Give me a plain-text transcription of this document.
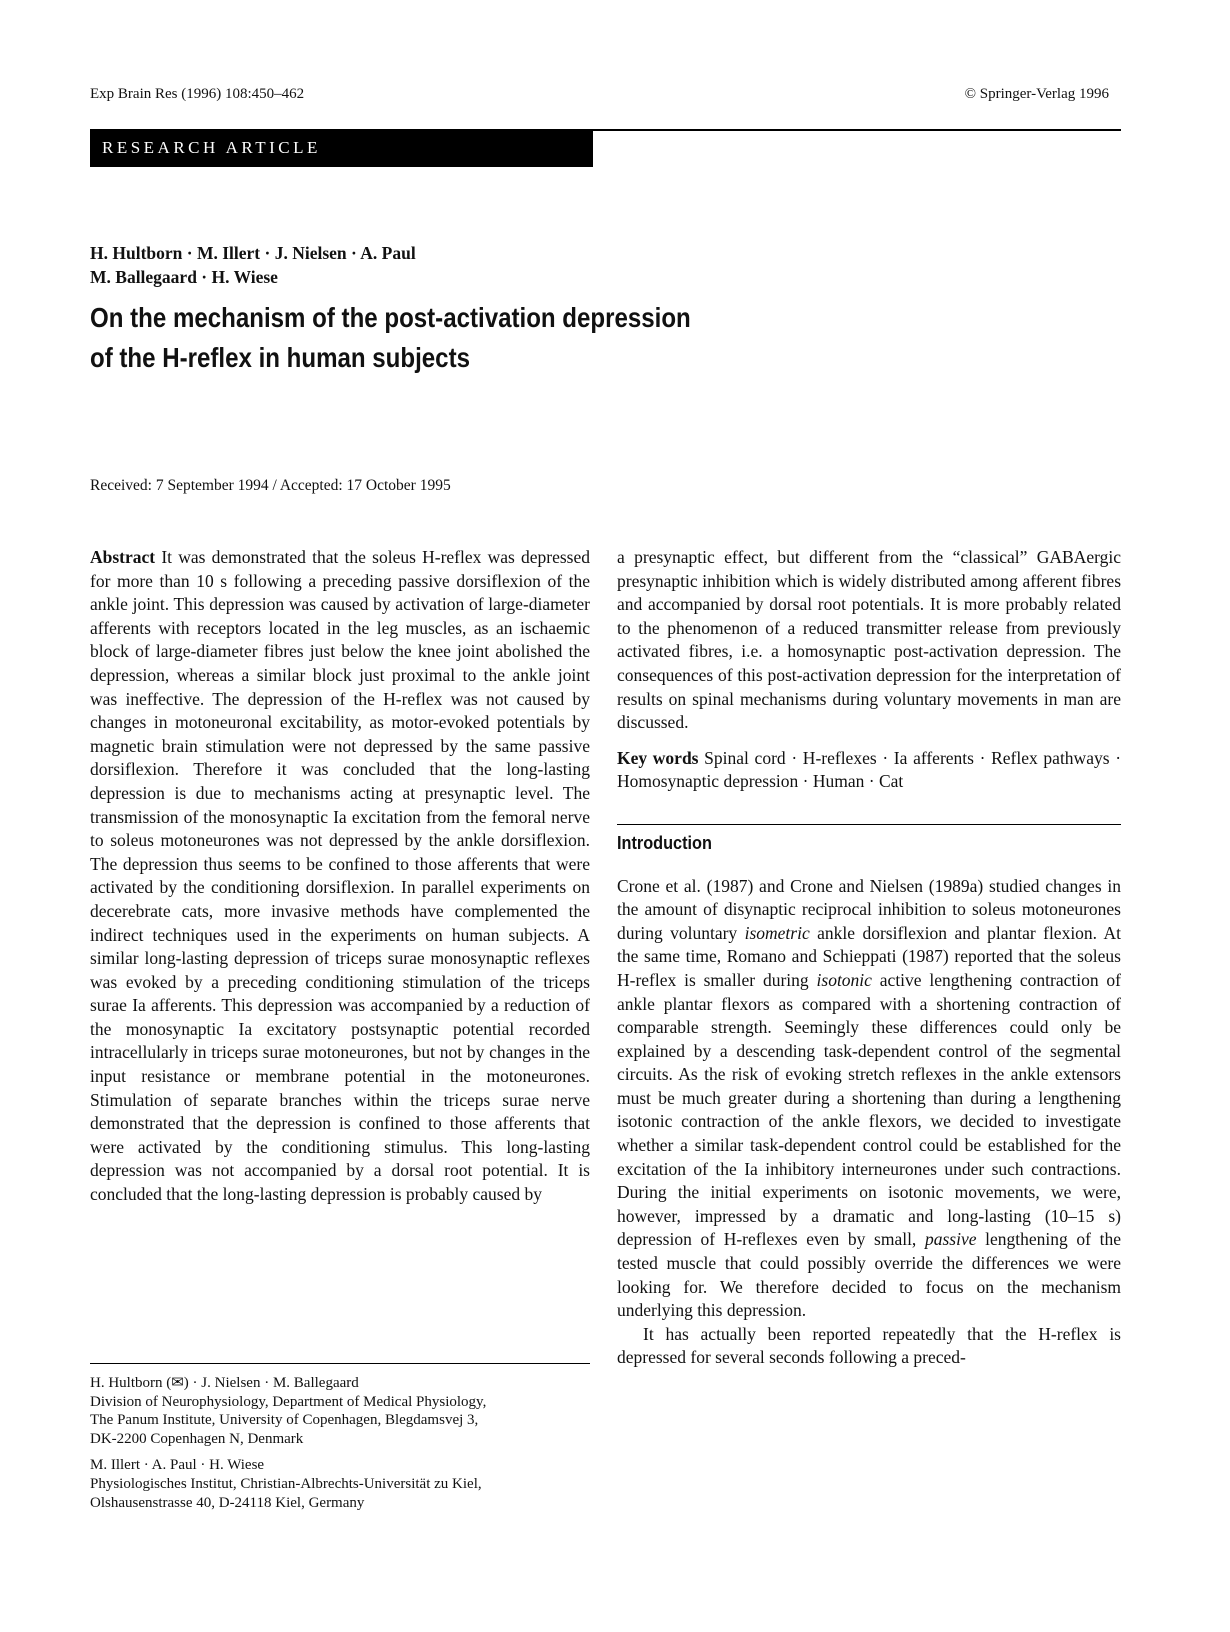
Exp Brain Res (1996) 108:450–462	© Springer-Verlag 1996
RESEARCH ARTICLE
H. Hultborn · M. Illert · J. Nielsen · A. Paul
M. Ballegaard · H. Wiese
On the mechanism of the post-activation depression
of the H-reflex in human subjects
Received: 7 September 1994 / Accepted: 17 October 1995

Abstract It was demonstrated that the soleus H-reflex was depressed for more than 10 s following a preceding passive dorsiflexion of the ankle joint. This depression was caused by activation of large-diameter afferents with receptors located in the leg muscles, as an ischaemic block of large-diameter fibres just below the knee joint abolished the depression, whereas a similar block just proximal to the ankle joint was ineffective. The depression of the H-reflex was not caused by changes in motoneuronal excitability, as motor-evoked potentials by magnetic brain stimulation were not depressed by the same passive dorsiflexion. Therefore it was concluded that the long-lasting depression is due to mechanisms acting at presynaptic level. The transmission of the monosynaptic Ia excitation from the femoral nerve to soleus motoneurones was not depressed by the ankle dorsiflexion. The depression thus seems to be confined to those afferents that were activated by the conditioning dorsiflexion. In parallel experiments on decerebrate cats, more invasive methods have complemented the indirect techniques used in the experiments on human subjects. A similar long-lasting depression of triceps surae monosynaptic reflexes was evoked by a preceding conditioning stimulation of the triceps surae Ia afferents. This depression was accompanied by a reduction of the monosynaptic Ia excitatory postsynaptic potential recorded intracellularly in triceps surae motoneurones, but not by changes in the input resistance or membrane potential in the motoneurones. Stimulation of separate branches within the triceps surae nerve demonstrated that the depression is confined to those afferents that were activated by the conditioning stimulus. This long-lasting depression was not accompanied by a dorsal root potential. It is concluded that the long-lasting depression is probably caused by

a presynaptic effect, but different from the “classical” GABAergic presynaptic inhibition which is widely distributed among afferent fibres and accompanied by dorsal root potentials. It is more probably related to the phenomenon of a reduced transmitter release from previously activated fibres, i.e. a homosynaptic post-activation depression. The consequences of this post-activation depression for the interpretation of results on spinal mechanisms during voluntary movements in man are discussed.

Key words Spinal cord · H-reflexes · Ia afferents · Reflex pathways · Homosynaptic depression · Human · Cat

Introduction

Crone et al. (1987) and Crone and Nielsen (1989a) studied changes in the amount of disynaptic reciprocal inhibition to soleus motoneurones during voluntary isometric ankle dorsiflexion and plantar flexion. At the same time, Romano and Schieppati (1987) reported that the soleus H-reflex is smaller during isotonic active lengthening contraction of ankle plantar flexors as compared with a shortening contraction of comparable strength. Seemingly these differences could only be explained by a descending task-dependent control of the segmental circuits. As the risk of evoking stretch reflexes in the ankle extensors must be much greater during a shortening than during a lengthening isotonic contraction of the ankle flexors, we decided to investigate whether a similar task-dependent control could be established for the excitation of the Ia inhibitory interneurones under such contractions. During the initial experiments on isotonic movements, we were, however, impressed by a dramatic and long-lasting (10–15 s) depression of H-reflexes even by small, passive lengthening of the tested muscle that could possibly override the differences we were looking for. We therefore decided to focus on the mechanism underlying this depression.

It has actually been reported repeatedly that the H-reflex is depressed for several seconds following a preced-

H. Hultborn (✉) · J. Nielsen · M. Ballegaard
Division of Neurophysiology, Department of Medical Physiology,
The Panum Institute, University of Copenhagen, Blegdamsvej 3,
DK-2200 Copenhagen N, Denmark
M. Illert · A. Paul · H. Wiese
Physiologisches Institut, Christian-Albrechts-Universität zu Kiel,
Olshausenstrasse 40, D-24118 Kiel, Germany
